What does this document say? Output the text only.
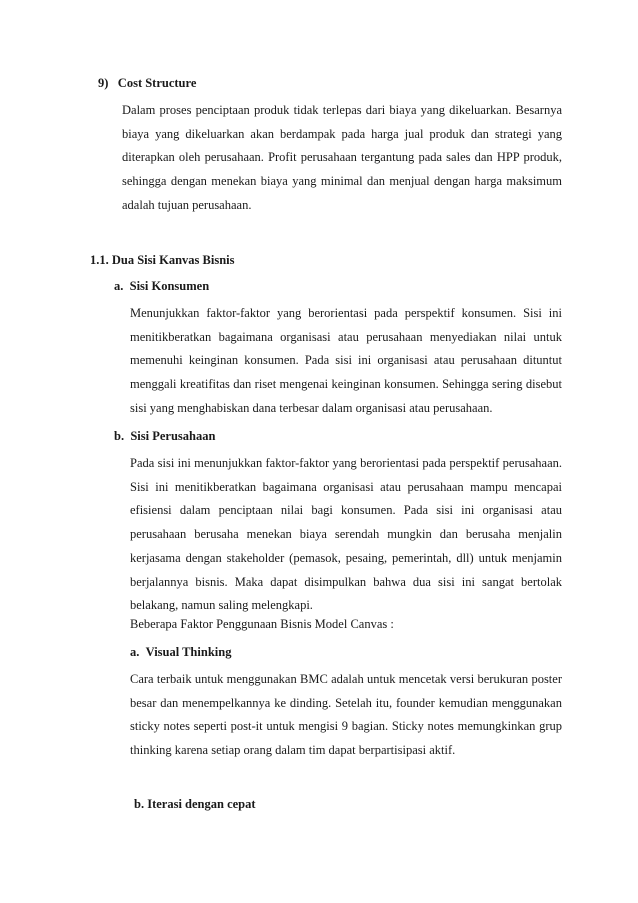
9) Cost Structure
Dalam proses penciptaan produk tidak terlepas dari biaya yang dikeluarkan. Besarnya biaya yang dikeluarkan akan berdampak pada harga jual produk dan strategi yang diterapkan oleh perusahaan. Profit perusahaan tergantung pada sales dan HPP produk, sehingga dengan menekan biaya yang minimal dan menjual dengan harga maksimum adalah tujuan perusahaan.
1.1. Dua Sisi Kanvas Bisnis
a. Sisi Konsumen
Menunjukkan faktor-faktor yang berorientasi pada perspektif konsumen. Sisi ini menitikberatkan bagaimana organisasi atau perusahaan menyediakan nilai untuk memenuhi keinginan konsumen. Pada sisi ini organisasi atau perusahaan dituntut menggali kreatifitas dan riset mengenai keinginan konsumen. Sehingga sering disebut sisi yang menghabiskan dana terbesar dalam organisasi atau perusahaan.
b. Sisi Perusahaan
Pada sisi ini menunjukkan faktor-faktor yang berorientasi pada perspektif perusahaan. Sisi ini menitikberatkan bagaimana organisasi atau perusahaan mampu mencapai efisiensi dalam penciptaan nilai bagi konsumen. Pada sisi ini organisasi atau perusahaan berusaha menekan biaya serendah mungkin dan berusaha menjalin kerjasama dengan stakeholder (pemasok, pesaing, pemerintah, dll) untuk menjamin berjalannya bisnis. Maka dapat disimpulkan bahwa dua sisi ini sangat bertolak belakang, namun saling melengkapi.
Beberapa Faktor Penggunaan Bisnis Model Canvas :
a. Visual Thinking
Cara terbaik untuk menggunakan BMC adalah untuk mencetak versi berukuran poster besar dan menempelkannya ke dinding. Setelah itu, founder kemudian menggunakan sticky notes seperti post-it untuk mengisi 9 bagian. Sticky notes memungkinkan grup thinking karena setiap orang dalam tim dapat berpartisipasi aktif.
b. Iterasi dengan cepat
